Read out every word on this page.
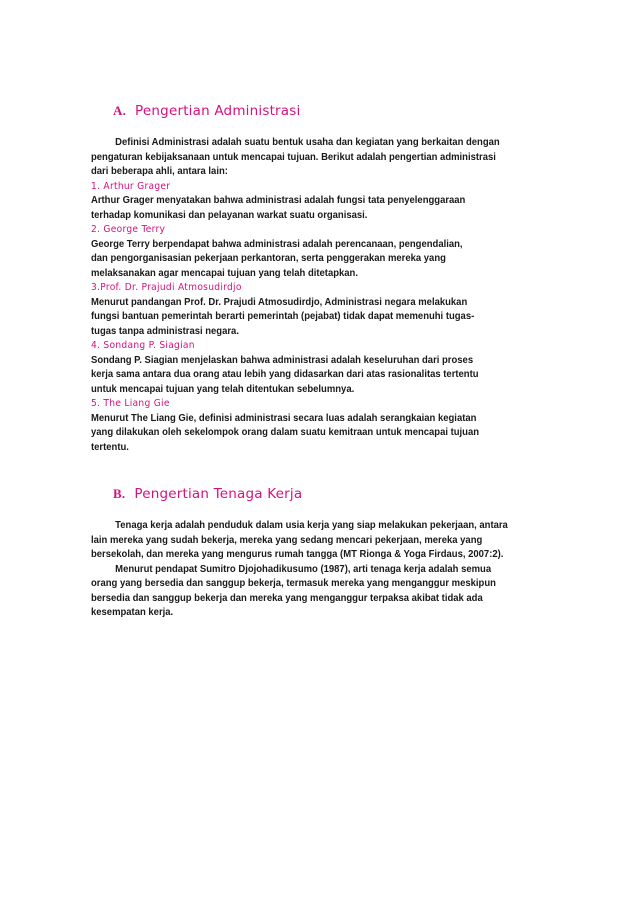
A. Pengertian Administrasi
Definisi Administrasi adalah suatu bentuk usaha dan kegiatan yang berkaitan dengan
pengaturan kebijaksanaan untuk mencapai tujuan. Berikut adalah pengertian administrasi
dari beberapa ahli, antara lain:
1. Arthur Grager
Arthur Grager menyatakan bahwa administrasi adalah fungsi tata penyelenggaraan
terhadap komunikasi dan pelayanan warkat suatu organisasi.
2. George Terry
George Terry berpendapat bahwa administrasi adalah perencanaan, pengendalian,
dan pengorganisasian pekerjaan perkantoran, serta penggerakan mereka yang
melaksanakan agar mencapai tujuan yang telah ditetapkan.
3.Prof. Dr. Prajudi Atmosudirdjo
Menurut pandangan Prof. Dr. Prajudi Atmosudirdjo, Administrasi negara melakukan
fungsi bantuan pemerintah berarti pemerintah (pejabat) tidak dapat memenuhi tugas-
tugas tanpa administrasi negara.
4. Sondang P. Siagian
Sondang P. Siagian menjelaskan bahwa administrasi adalah keseluruhan dari proses
kerja sama antara dua orang atau lebih yang didasarkan dari atas rasionalitas tertentu
untuk mencapai tujuan yang telah ditentukan sebelumnya.
5. The Liang Gie
Menurut The Liang Gie, definisi administrasi secara luas adalah serangkaian kegiatan
yang dilakukan oleh sekelompok orang dalam suatu kemitraan untuk mencapai tujuan
tertentu.
B. Pengertian Tenaga Kerja
Tenaga kerja adalah penduduk dalam usia kerja yang siap melakukan pekerjaan, antara
lain mereka yang sudah bekerja, mereka yang sedang mencari pekerjaan, mereka yang
bersekolah, dan mereka yang mengurus rumah tangga (MT Rionga & Yoga Firdaus, 2007:2).
Menurut pendapat Sumitro Djojohadikusumo (1987), arti tenaga kerja adalah semua
orang yang bersedia dan sanggup bekerja, termasuk mereka yang menganggur meskipun
bersedia dan sanggup bekerja dan mereka yang menganggur terpaksa akibat tidak ada
kesempatan kerja.
